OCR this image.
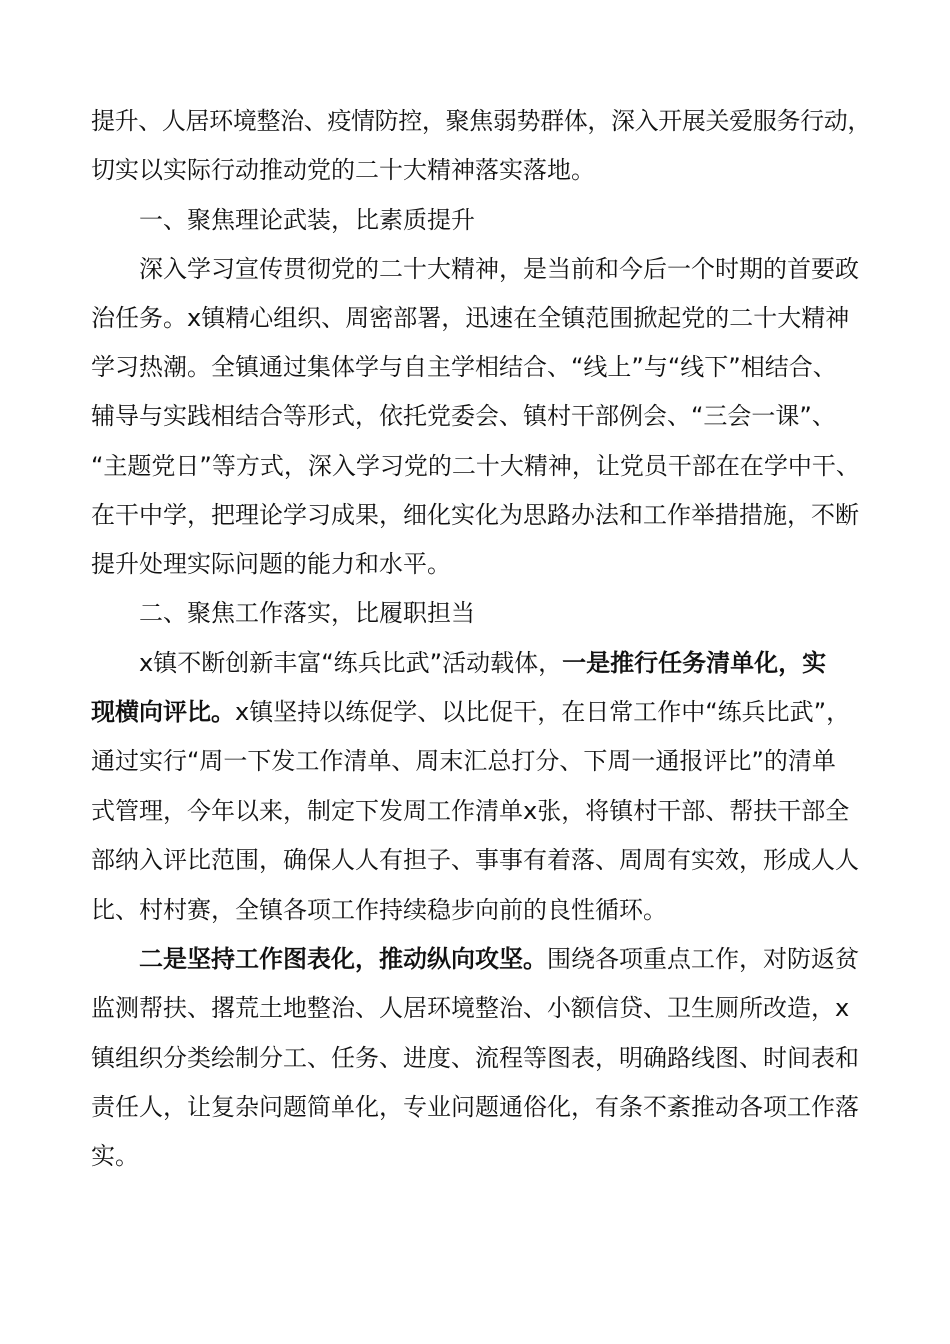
提升、人居环境整治、疫情防控，聚焦弱势群体，深入开展关爱服务行动，
切实以实际行动推动党的二十大精神落实落地。
　　一、聚焦理论武装，比素质提升
　　深入学习宣传贯彻党的二十大精神，是当前和今后一个时期的首要政
治任务。x镇精心组织、周密部署，迅速在全镇范围掀起党的二十大精神
学习热潮。全镇通过集体学与自主学相结合、“线上”与“线下”相结合、
辅导与实践相结合等形式，依托党委会、镇村干部例会、“三会一课”、
“主题党日”等方式，深入学习党的二十大精神，让党员干部在在学中干、
在干中学，把理论学习成果，细化实化为思路办法和工作举措措施，不断
提升处理实际问题的能力和水平。
　　二、聚焦工作落实，比履职担当
　　x镇不断创新丰富“练兵比武”活动载体，一是推行任务清单化，实
现横向评比。x镇坚持以练促学、以比促干，在日常工作中“练兵比武”，
通过实行“周一下发工作清单、周末汇总打分、下周一通报评比”的清单
式管理，今年以来，制定下发周工作清单x张，将镇村干部、帮扶干部全
部纳入评比范围，确保人人有担子、事事有着落、周周有实效，形成人人
比、村村赛，全镇各项工作持续稳步向前的良性循环。
　　二是坚持工作图表化，推动纵向攻坚。围绕各项重点工作，对防返贫
监测帮扶、撂荒土地整治、人居环境整治、小额信贷、卫生厕所改造，x
镇组织分类绘制分工、任务、进度、流程等图表，明确路线图、时间表和
责任人，让复杂问题简单化，专业问题通俗化，有条不紊推动各项工作落
实。
